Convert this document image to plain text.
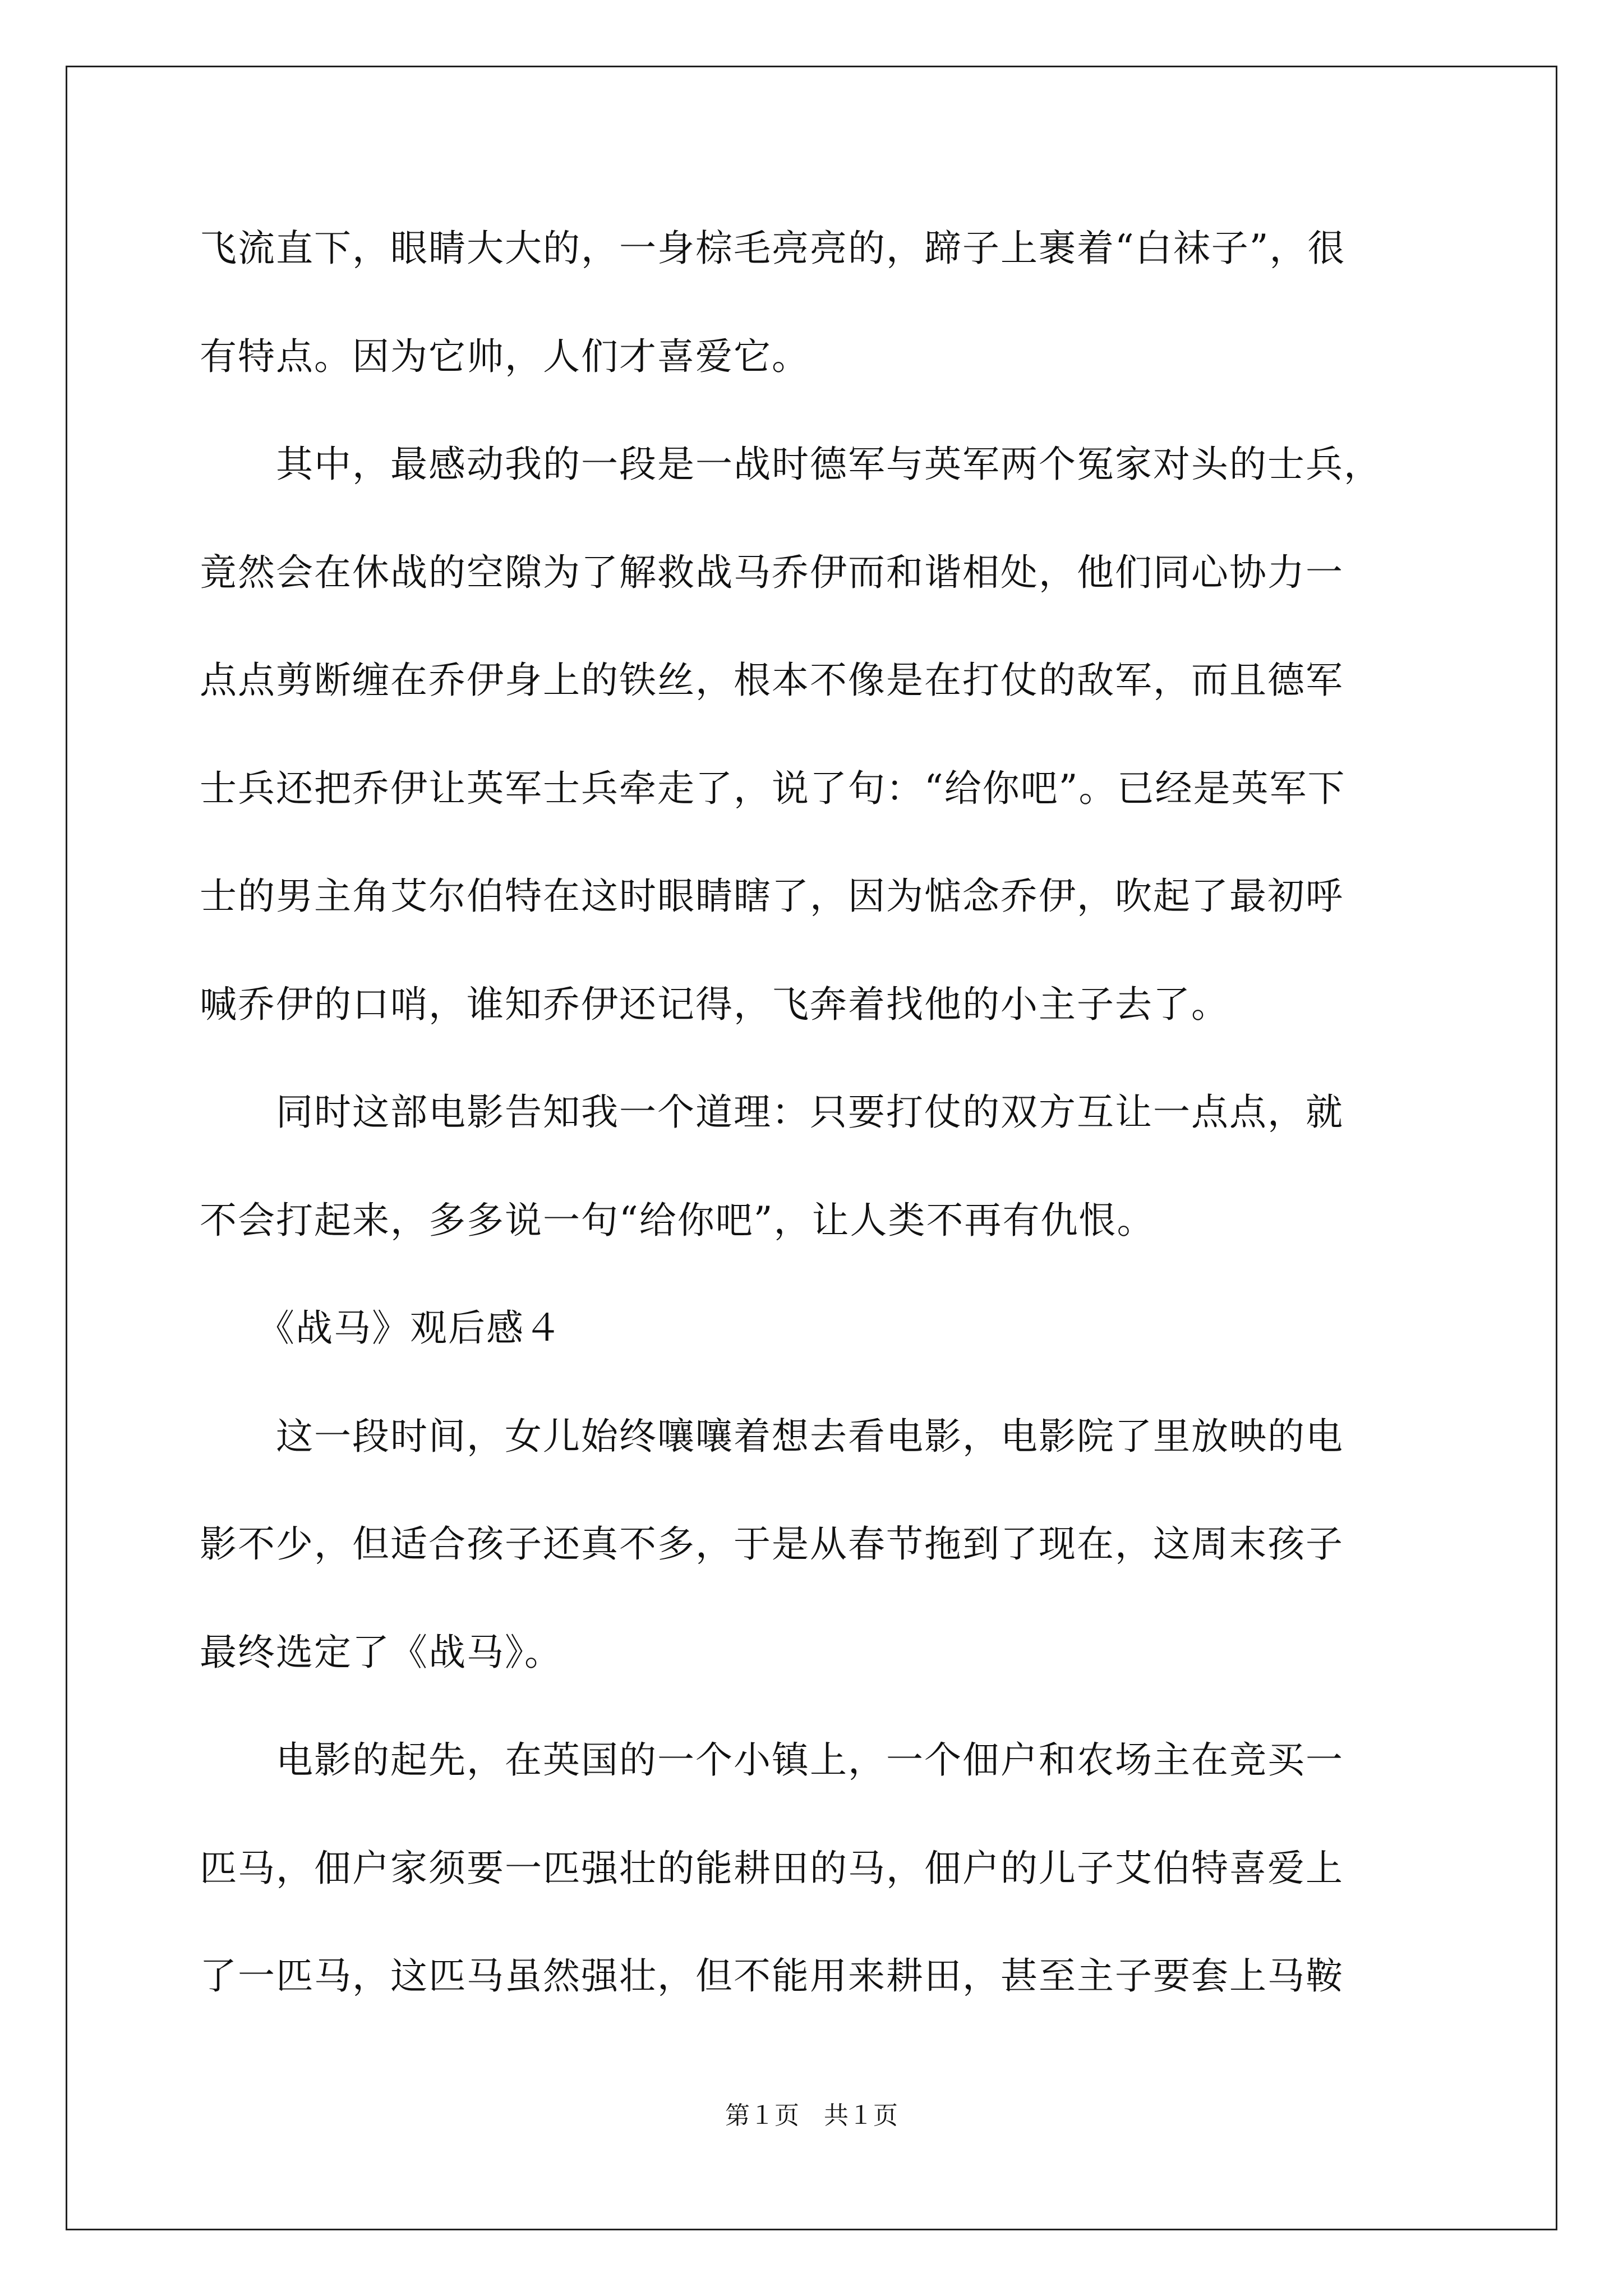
飞流直下，眼睛大大的，一身棕毛亮亮的，蹄子上裹着“白袜子”，很
有特点。因为它帅，人们才喜爱它。
　　其中，最感动我的一段是一战时德军与英军两个冤家对头的士兵，
竟然会在休战的空隙为了解救战马乔伊而和谐相处，他们同心协力一
点点剪断缠在乔伊身上的铁丝，根本不像是在打仗的敌军，而且德军
士兵还把乔伊让英军士兵牵走了，说了句：“给你吧”。已经是英军下
士的男主角艾尔伯特在这时眼睛瞎了，因为惦念乔伊，吹起了最初呼
喊乔伊的口哨，谁知乔伊还记得，飞奔着找他的小主子去了。
　　同时这部电影告知我一个道理：只要打仗的双方互让一点点，就
不会打起来，多多说一句“给你吧”，让人类不再有仇恨。
　　《战马》观后感４
　　这一段时间，女儿始终嚷嚷着想去看电影，电影院了里放映的电
影不少，但适合孩子还真不多，于是从春节拖到了现在，这周末孩子
最终选定了《战马》。
　　电影的起先，在英国的一个小镇上，一个佃户和农场主在竞买一
匹马，佃户家须要一匹强壮的能耕田的马，佃户的儿子艾伯特喜爱上
了一匹马，这匹马虽然强壮，但不能用来耕田，甚至主子要套上马鞍
第１页　共１页
